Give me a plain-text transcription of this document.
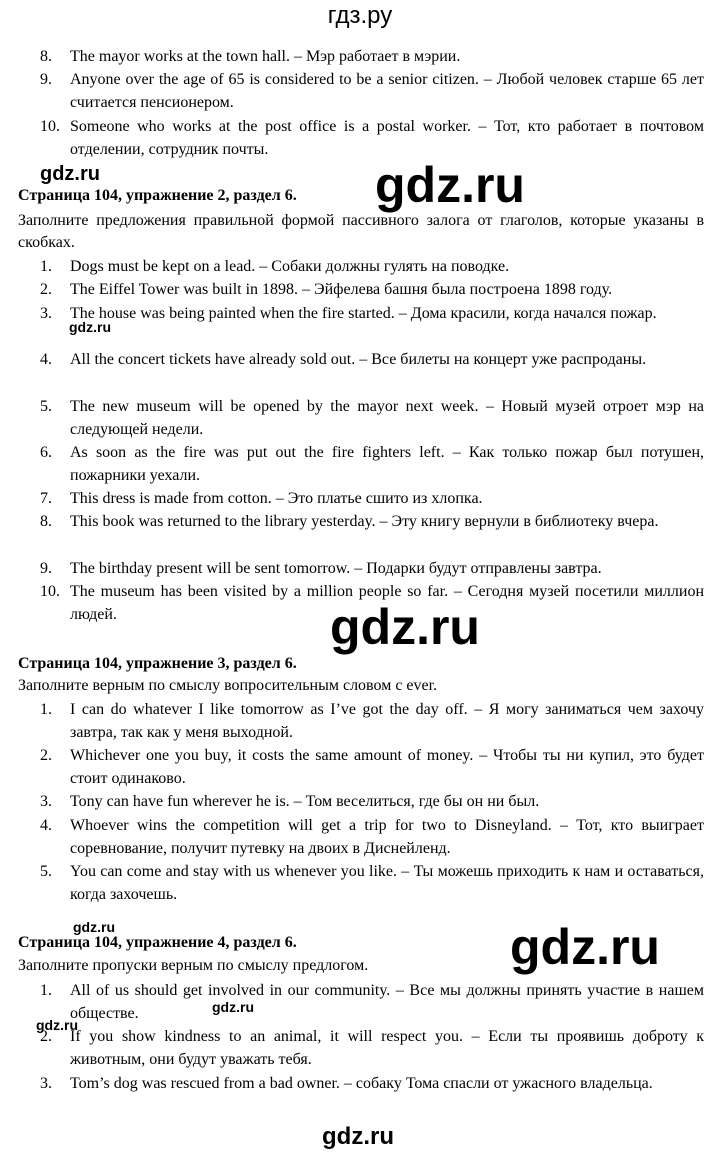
гдз.ру
8.	The mayor works at the town hall. – Мэр работает в мэрии.
9.	Anyone over the age of 65 is considered to be a senior citizen. – Любой человек старше 65 лет считается пенсионером.
10. Someone who works at the post office is a postal worker. – Тот, кто работает в почтовом отделении, сотрудник почты.
gdz.ru	gdz.ru
Страница 104, упражнение 2, раздел 6.
Заполните предложения правильной формой пассивного залога от глаголов, которые указаны в скобках.
1.	Dogs must be kept on a lead. – Собаки должны гулять на поводке.
2.	The Eiffel Tower was built in 1898. – Эйфелева башня была построена 1898 году.
3.	The house was being painted when the fire started. – Дома красили, когда начался пожар.
gdz.ru
4.	All the concert tickets have already sold out. – Все билеты на концерт уже распроданы.
5.	The new museum will be opened by the mayor next week. – Новый музей отроет мэр на следующей недели.
6.	As soon as the fire was put out the fire fighters left. – Как только пожар был потушен, пожарники уехали.
7.	This dress is made from cotton. – Это платье сшито из хлопка.
8.	This book was returned to the library yesterday. – Эту книгу вернули в библиотеку вчера.
9.	The birthday present will be sent tomorrow. – Подарки будут отправлены завтра.
10. The museum has been visited by a million people so far. – Сегодня музей посетили миллион людей.	gdz.ru
Страница 104, упражнение 3, раздел 6.
Заполните верным по смыслу вопросительным словом с ever.
1.	I can do whatever I like tomorrow as I’ve got the day off. – Я могу заниматься чем захочу завтра, так как у меня выходной.
2.	Whichever one you buy, it costs the same amount of money. – Чтобы ты ни купил, это будет стоит одинаково.
3.	Tony can have fun wherever he is. – Том веселиться, где бы он ни был.
4.	Whoever wins the competition will get a trip for two to Disneyland. – Тот, кто выиграет соревнование, получит путевку на двоих в Диснейленд.
5.	You can come and stay with us whenever you like. – Ты можешь приходить к нам и оставаться, когда захочешь.
gdz.ru	gdz.ru
Страница 104, упражнение 4, раздел 6.
Заполните пропуски верным по смыслу предлогом.
1.	All of us should get involved in our community. – Все мы должны принять участие в нашем обществе.	gdz.ru
gdz.ru
2.	If you show kindness to an animal, it will respect you. – Если ты проявишь доброту к животным, они будут уважать тебя.
3.	Tom’s dog was rescued from a bad owner. – собаку Тома спасли от ужасного владельца.
gdz.ru
